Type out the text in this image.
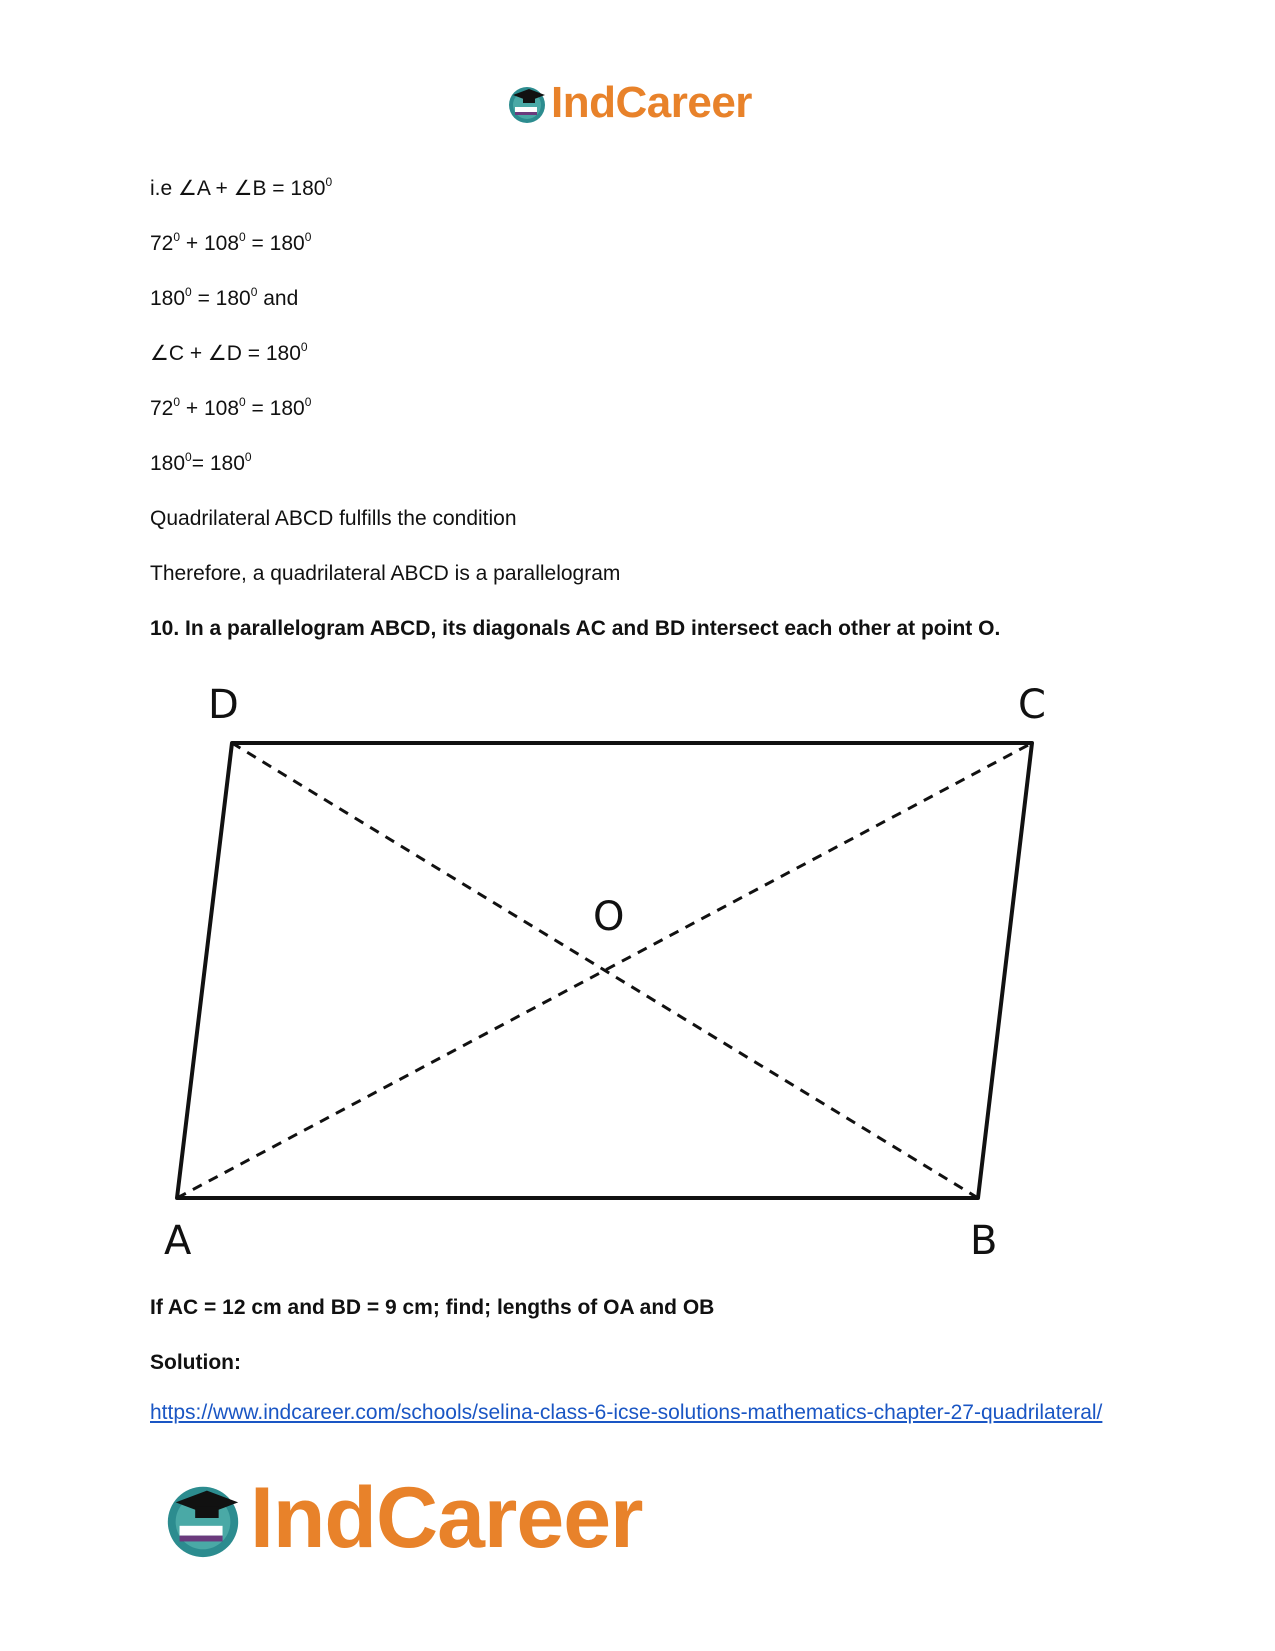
IndCareer
i.e ∠A + ∠B = $180^0$
$72^0 + 108^0 = 180^0$
$180^0 = 180^0$ and
∠C + ∠D = $180^0$
$72^0 + 108^0 = 180^0$
$180^0= 180^0$
Quadrilateral ABCD fulfills the condition
Therefore, a quadrilateral ABCD is a parallelogram
10. In a parallelogram ABCD, its diagonals AC and BD intersect each other at point O.
D	C
O
A	B
If AC = 12 cm and BD = 9 cm; find; lengths of OA and OB
Solution:
https://www.indcareer.com/schools/selina-class-6-icse-solutions-mathematics-chapter-27-quadrilateral/
IndCareer
